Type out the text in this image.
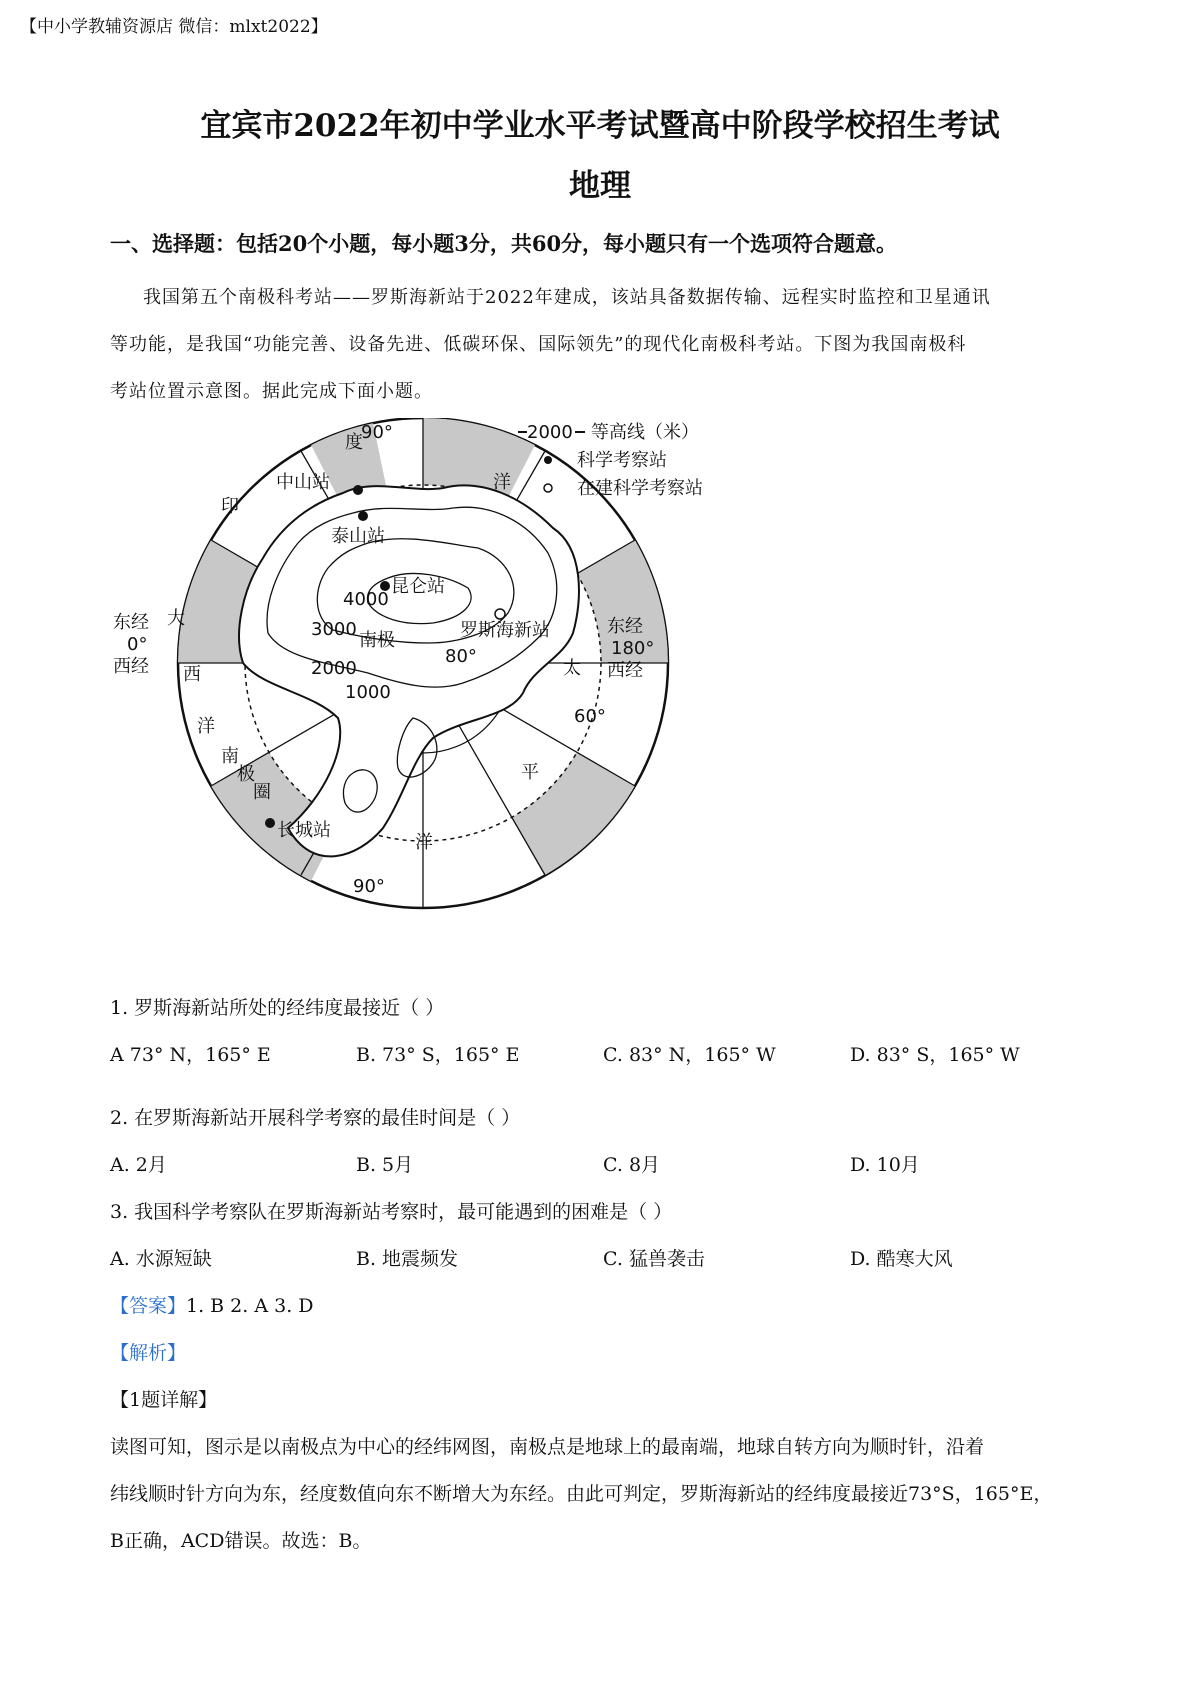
【中小学教辅资源店 微信：mlxt2022】
宜宾市2022年初中学业水平考试暨高中阶段学校招生考试
地理
一、选择题：包括20个小题，每小题3分，共60分，每小题只有一个选项符合题意。
我国第五个南极科考站——罗斯海新站于2022年建成，该站具备数据传输、远程实时监控和卫星通讯
等功能，是我国“功能完善、设备先进、低碳环保、国际领先”的现代化南极科考站。下图为我国南极科
考站位置示意图。据此完成下面小题。
90°
90°
东经
0°
西经
东经
180°
西经
60°
80°
南极
4000
3000
2000
1000
度
洋
印
大
西
洋
太
平
洋
南
极
圈
中山站
泰山站
昆仑站
罗斯海新站
长城站
2000 等高线（米）
科学考察站
在建科学考察站
1. 罗斯海新站所处的经纬度最接近（ ）
A 73° N，165° E	B. 73° S，165° E	C. 83° N，165° W	D. 83° S，165° W
2. 在罗斯海新站开展科学考察的最佳时间是（ ）
A. 2月	B. 5月	C. 8月	D. 10月
3. 我国科学考察队在罗斯海新站考察时，最可能遇到的困难是（ ）
A. 水源短缺	B. 地震频发	C. 猛兽袭击	D. 酷寒大风
【答案】1. B 2. A 3. D
【解析】
【1题详解】
读图可知，图示是以南极点为中心的经纬网图，南极点是地球上的最南端，地球自转方向为顺时针，沿着
纬线顺时针方向为东，经度数值向东不断增大为东经。由此可判定，罗斯海新站的经纬度最接近73°S，165°E，
B正确，ACD错误。故选：B。
